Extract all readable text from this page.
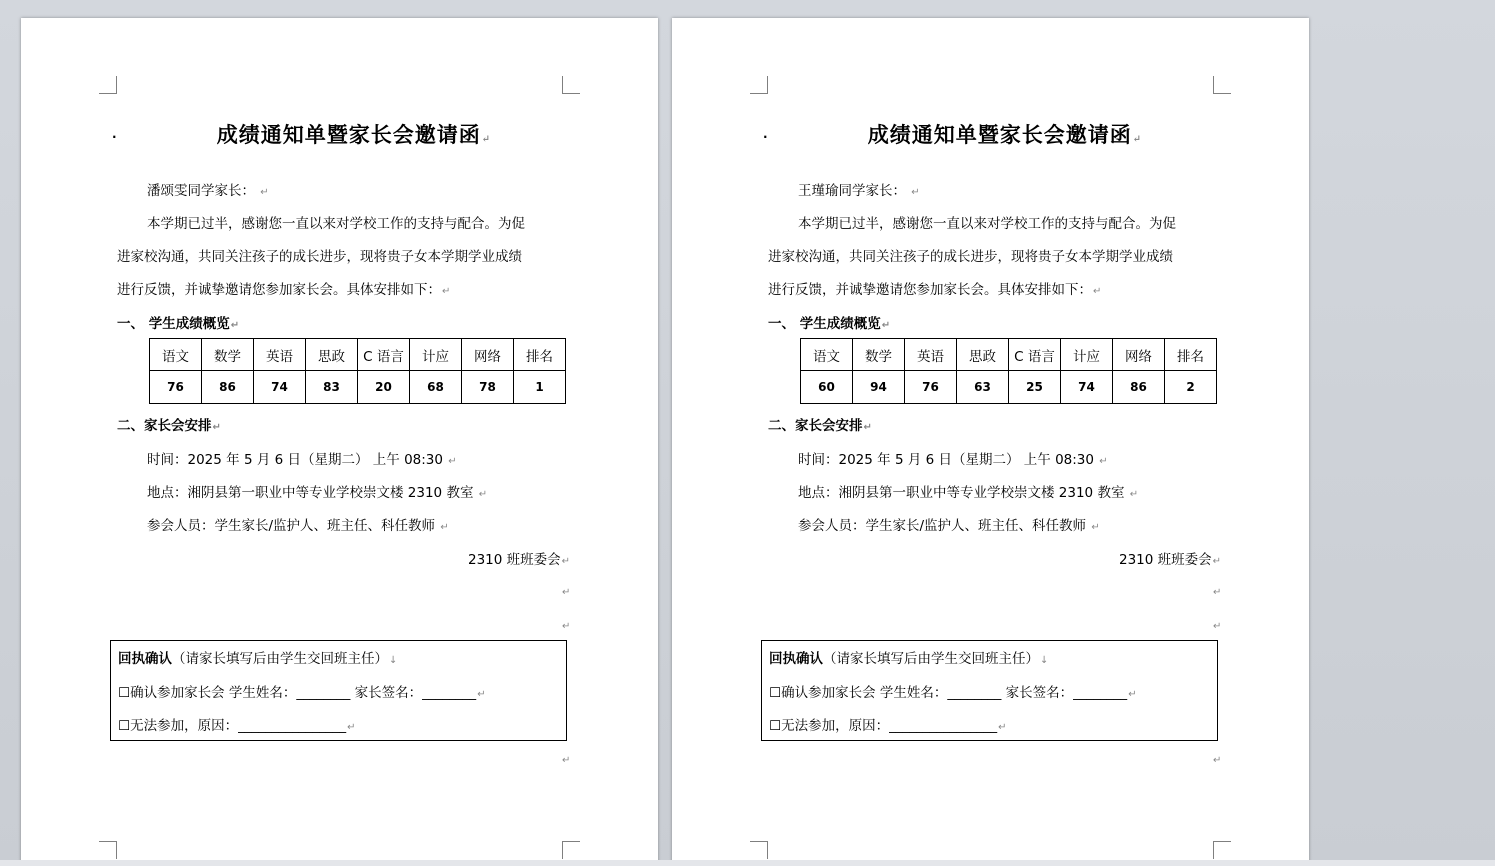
·	成绩通知单暨家长会邀请函↵
潘颂雯同学家长： ↵
本学期已过半，感谢您一直以来对学校工作的支持与配合。为促
进家校沟通，共同关注孩子的成长进步，现将贵子女本学期学业成绩
进行反馈，并诚挚邀请您参加家长会。具体安排如下：↵
一、 学生成绩概览↵
语文	数学	英语	思政	C 语言	计应	网络	排名
76	86	74	83	20	68	78	1
二、家长会安排↵
时间：2025 年 5 月 6 日（星期二） 上午 08:30 ↵
地点：湘阴县第一职业中等专业学校崇文楼 2310 教室 ↵
参会人员：学生家长/监护人、班主任、科任教师 ↵
2310 班班委会↵
↵
↵
回执确认（请家长填写后由学生交回班主任）↓
☐确认参加家长会 学生姓名：________ 家长签名：________↵
☐无法参加，原因：________________↵
↵
·	成绩通知单暨家长会邀请函↵
王瑾瑜同学家长： ↵
本学期已过半，感谢您一直以来对学校工作的支持与配合。为促
进家校沟通，共同关注孩子的成长进步，现将贵子女本学期学业成绩
进行反馈，并诚挚邀请您参加家长会。具体安排如下：↵
一、 学生成绩概览↵
语文	数学	英语	思政	C 语言	计应	网络	排名
60	94	76	63	25	74	86	2
二、家长会安排↵
时间：2025 年 5 月 6 日（星期二） 上午 08:30 ↵
地点：湘阴县第一职业中等专业学校崇文楼 2310 教室 ↵
参会人员：学生家长/监护人、班主任、科任教师 ↵
2310 班班委会↵
↵
↵
回执确认（请家长填写后由学生交回班主任）↓
☐确认参加家长会 学生姓名：________ 家长签名：________↵
☐无法参加，原因：________________↵
↵
